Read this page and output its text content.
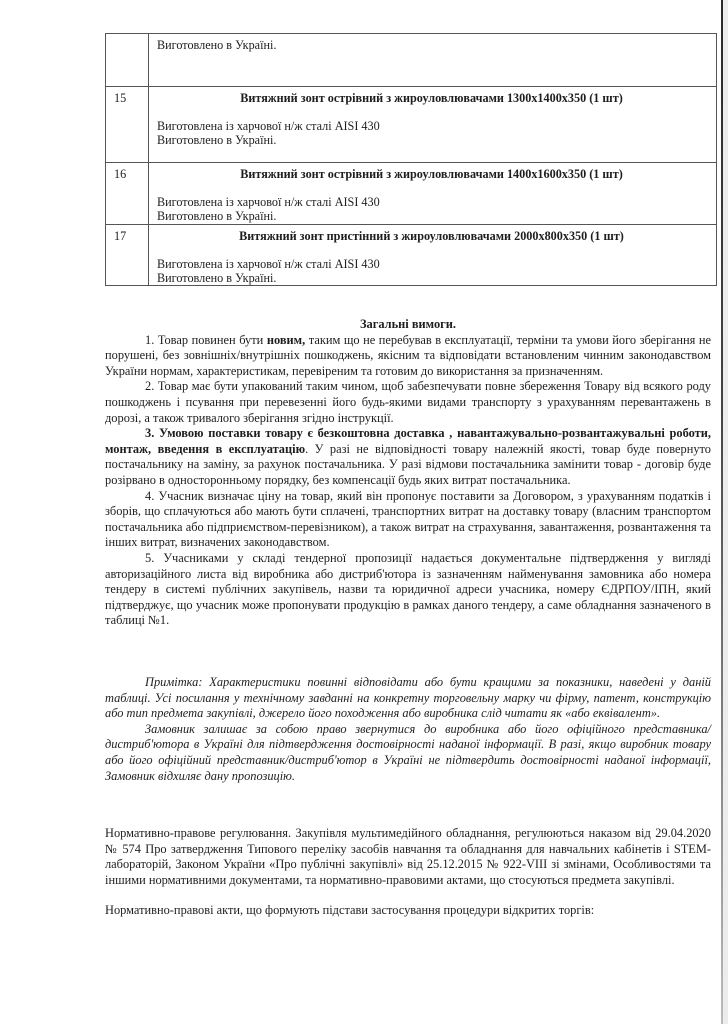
	Виготовлено в Україні.

15	Витяжний зонт острівний з жироуловлювачами 1300х1400х350 (1 шт)
Виготовлена із харчової н/ж сталі AISI 430
Виготовлено в Україні.

16	Витяжний зонт острівний з жироуловлювачами 1400х1600х350 (1 шт)
Виготовлена із харчової н/ж сталі AISI 430
Виготовлено в Україні.

17	Витяжний зонт пристінний з жироуловлювачами 2000х800х350 (1 шт)
Виготовлена із харчової н/ж сталі AISI 430
Виготовлено в Україні.

Загальні вимоги.

1. Товар повинен бути новим, таким що не перебував в експлуатації, терміни та умови його зберігання не порушені, без зовнішніх/внутрішніх пошкоджень, якісним та відповідати встановленим чинним законодавством України нормам, характеристикам, перевіреним та готовим до використання за призначенням.

2. Товар має бути упакований таким чином, щоб забезпечувати повне збереження Товару від всякого роду пошкоджень і псування при перевезенні його будь-якими видами транспорту з урахуванням перевантажень в дорозі, а також тривалого зберігання згідно інструкції.

3. Умовою поставки товару є безкоштовна доставка , навантажувально-розвантажувальні роботи, монтаж, введення в експлуатацію. У разі не відповідності товару належній якості, товар буде повернуто постачальнику на заміну, за рахунок постачальника. У разі відмови постачальника замінити товар - договір буде розірвано в односторонньому порядку, без компенсації будь яких витрат постачальника.

4. Учасник визначає ціну на товар, який він пропонує поставити за Договором, з урахуванням податків і зборів, що сплачуються або мають бути сплачені, транспортних витрат на доставку товару (власним транспортом постачальника або підприємством-перевізником), а також витрат на страхування, завантаження, розвантаження та інших витрат, визначених законодавством.

5. Учасниками у складі тендерної пропозиції надається документальне підтвердження у вигляді авторизаційного листа від виробника або дистриб'ютора із зазначенням найменування замовника або номера тендеру в системі публічних закупівель, назви та юридичної адреси учасника, номеру ЄДРПОУ/ІПН, який підтверджує, що учасник може пропонувати продукцію в рамках даного тендеру, а саме обладнання зазначеного в таблиці №1.

Примітка: Характеристики повинні відповідати або бути кращими за показники, наведені у даній таблиці. Усі посилання у технічному завданні на конкретну торговельну марку чи фірму, патент, конструкцію або тип предмета закупівлі, джерело його походження або виробника слід читати як «або еквівалент».

Замовник залишає за собою право звернутися до виробника або його офіційного представника/дистриб'ютора в Україні для підтвердження достовірності наданої інформації. В разі, якщо виробник товару або його офіційний представник/дистриб'ютор в Україні не підтвердить достовірності наданої інформації, Замовник відхиляє дану пропозицію.

Нормативно-правове регулювання. Закупівля мультимедійного обладнання, регулюються наказом від 29.04.2020 № 574 Про затвердження Типового переліку засобів навчання та обладнання для навчальних кабінетів і STEM-лабораторій, Законом України «Про публічні закупівлі» від 25.12.2015 № 922-VIII зі змінами, Особливостями та іншими нормативними документами, та нормативно-правовими актами, що стосуються предмета закупівлі.

Нормативно-правові акти, що формують підстави застосування процедури відкритих торгів:
